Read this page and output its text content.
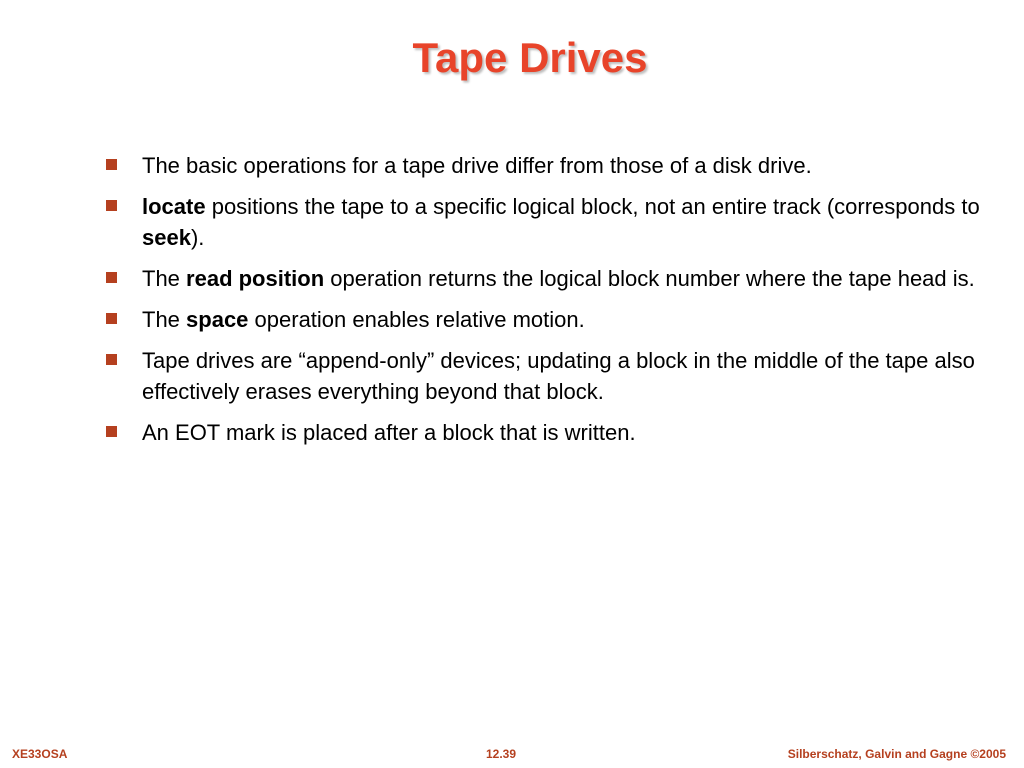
Tape Drives
The basic operations for a tape drive differ from those of a disk drive.
locate positions the tape to a specific logical block, not an entire track (corresponds to seek).
The read position operation returns the logical block number where the tape head is.
The space operation enables relative motion.
Tape drives are “append-only” devices; updating a block in the middle of the tape also effectively erases everything beyond that block.
An EOT mark is placed after a block that is written.
XE33OSA	12.39	Silberschatz, Galvin and Gagne ©2005
